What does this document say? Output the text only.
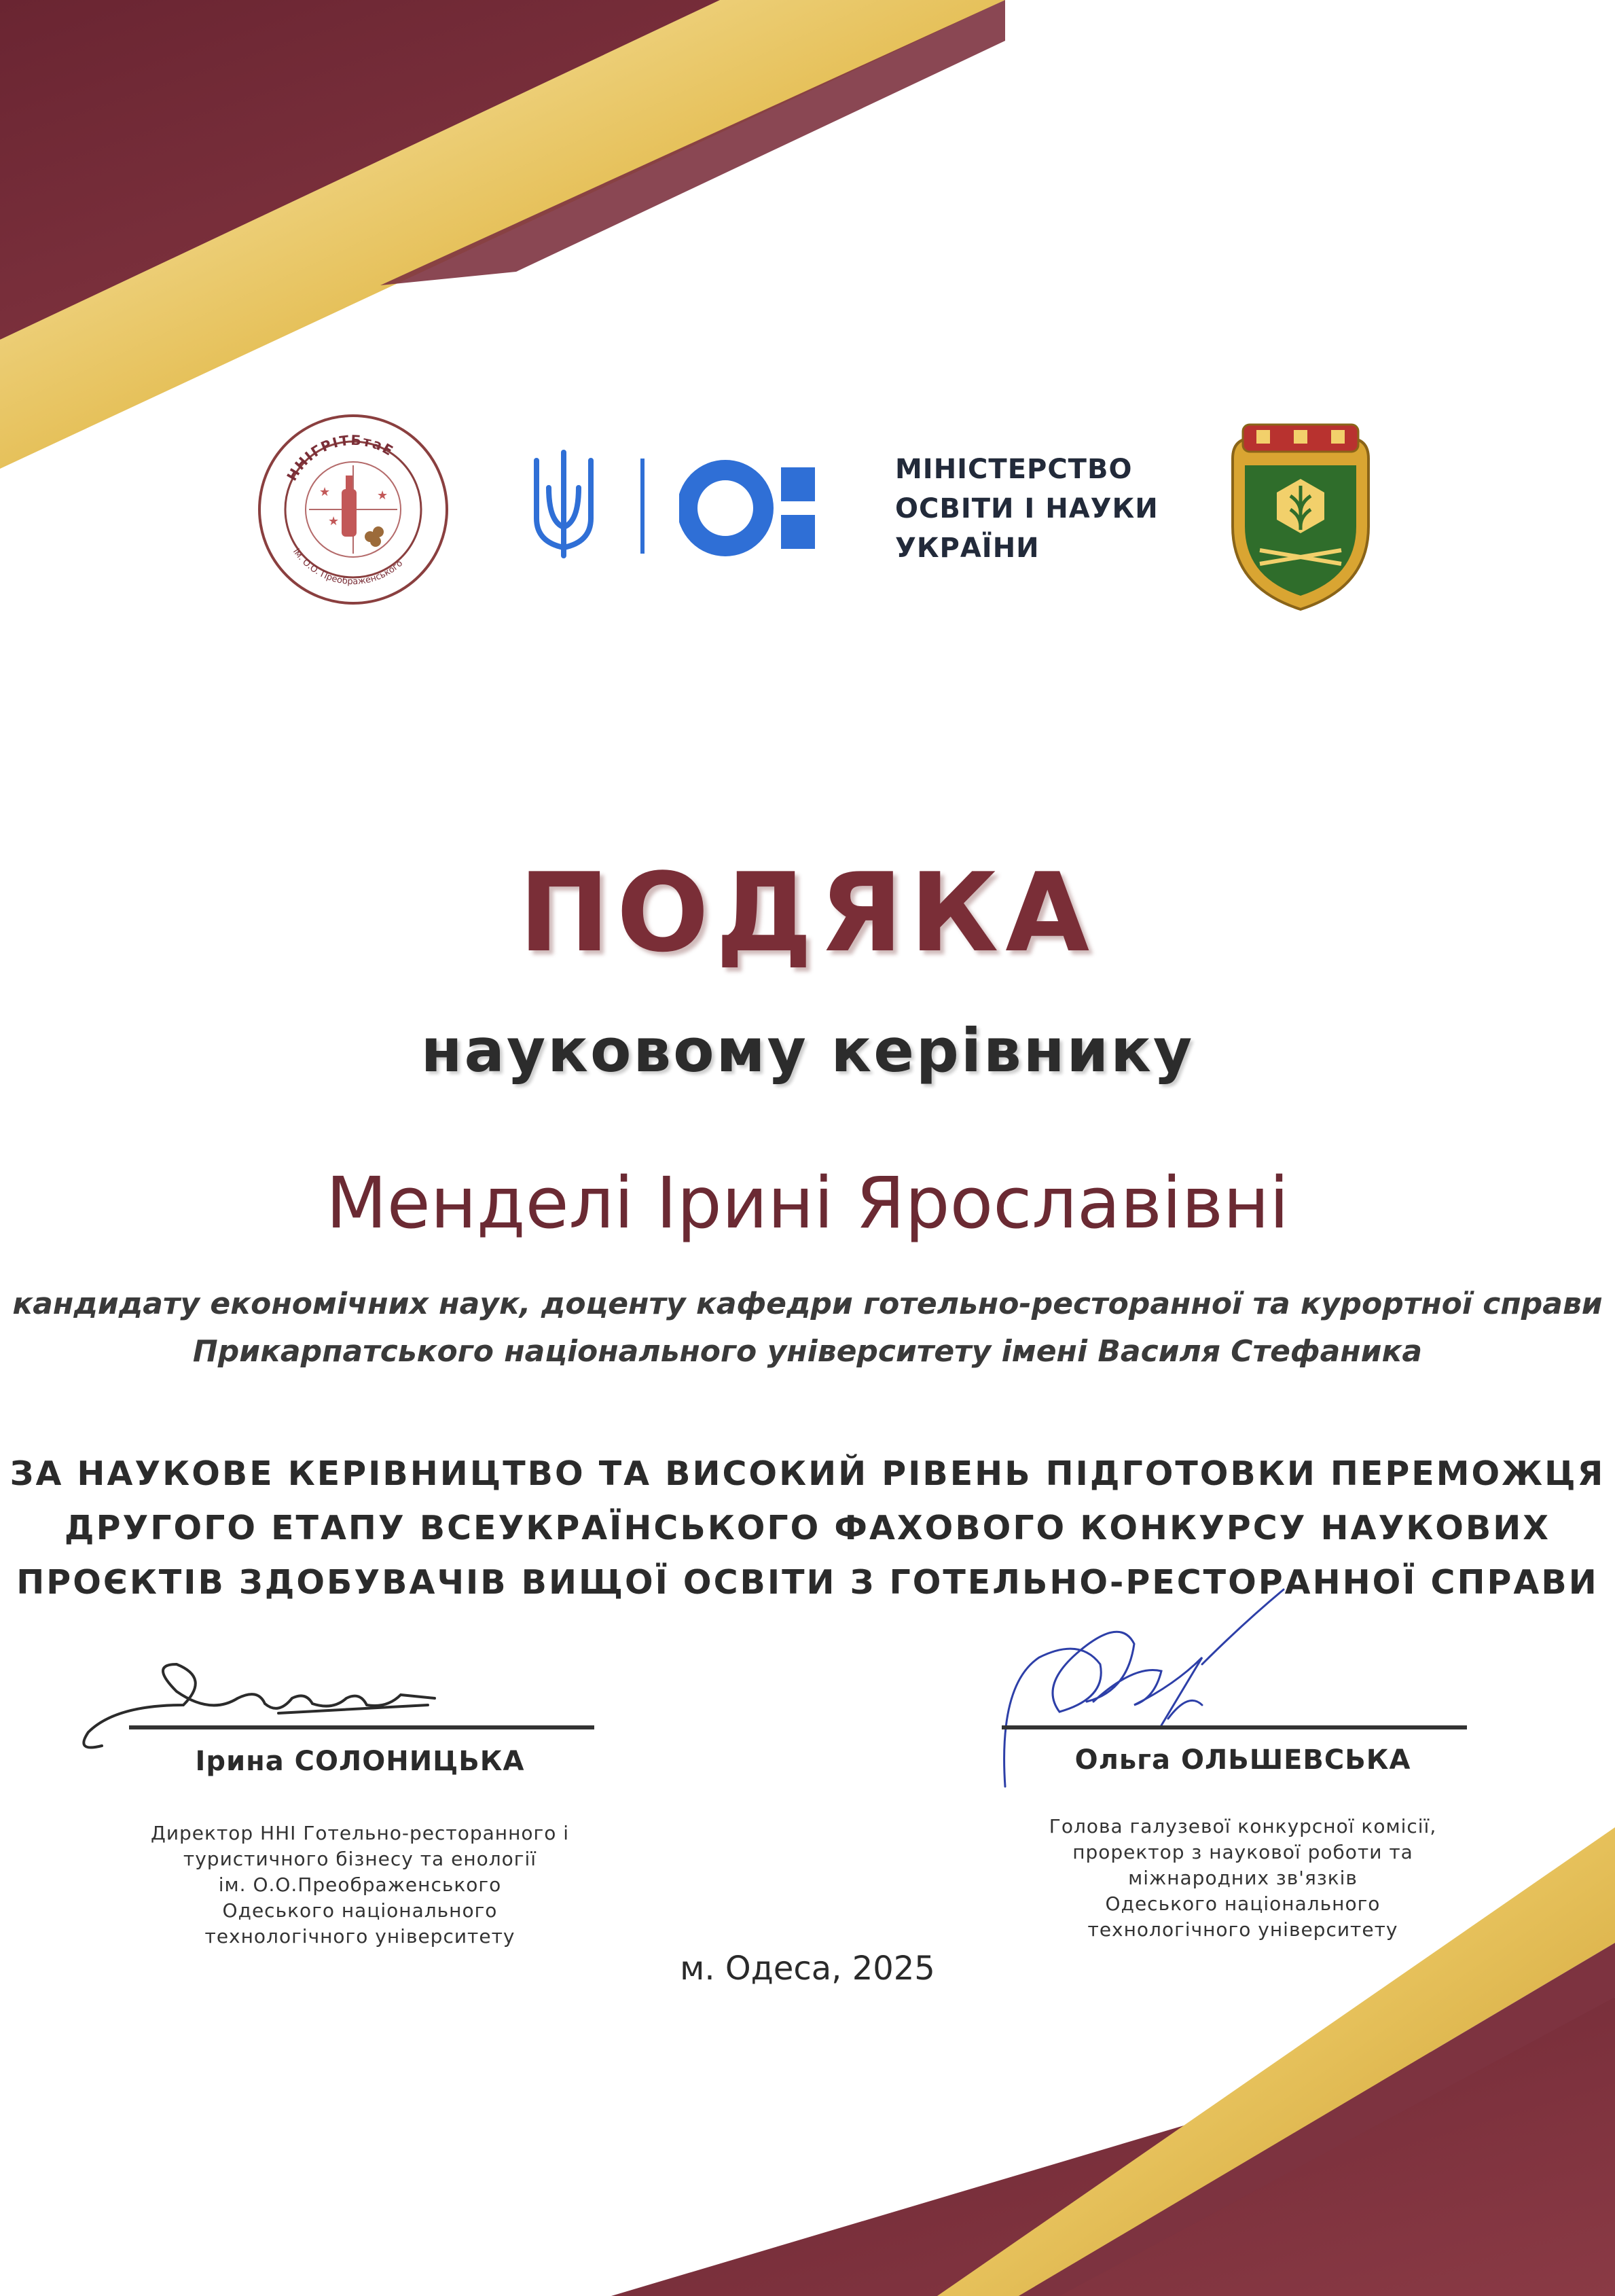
ННІГРІТБтаЕ
ім. О.О. Преображенського
★
★
★
МІНІСТЕРСТВО
ОСВІТИ І НАУКИ
УКРАЇНИ
ПОДЯКА
науковому керівнику
Менделі Ірині Ярославівні
кандидату економічних наук, доценту кафедри готельно-ресторанної та курортної справи
Прикарпатського національного університету імені Василя Стефаника
ЗА НАУКОВЕ КЕРІВНИЦТВО ТА ВИСОКИЙ РІВЕНЬ ПІДГОТОВКИ ПЕРЕМОЖЦЯ
ДРУГОГО ЕТАПУ ВСЕУКРАЇНСЬКОГО ФАХОВОГО КОНКУРСУ НАУКОВИХ
ПРОЄКТІВ ЗДОБУВАЧІВ ВИЩОЇ ОСВІТИ З ГОТЕЛЬНО-РЕСТОРАННОЇ СПРАВИ
Ірина СОЛОНИЦЬКА
Директор ННІ Готельно-ресторанного і
туристичного бізнесу та енології
ім. О.О.Преображенського
Одеського національного
технологічного університету
Ольга ОЛЬШЕВСЬКА
Голова галузевої конкурсної комісії,
проректор з наукової роботи та
міжнародних зв'язків
Одеського національного
технологічного університету
м. Одеса, 2025
